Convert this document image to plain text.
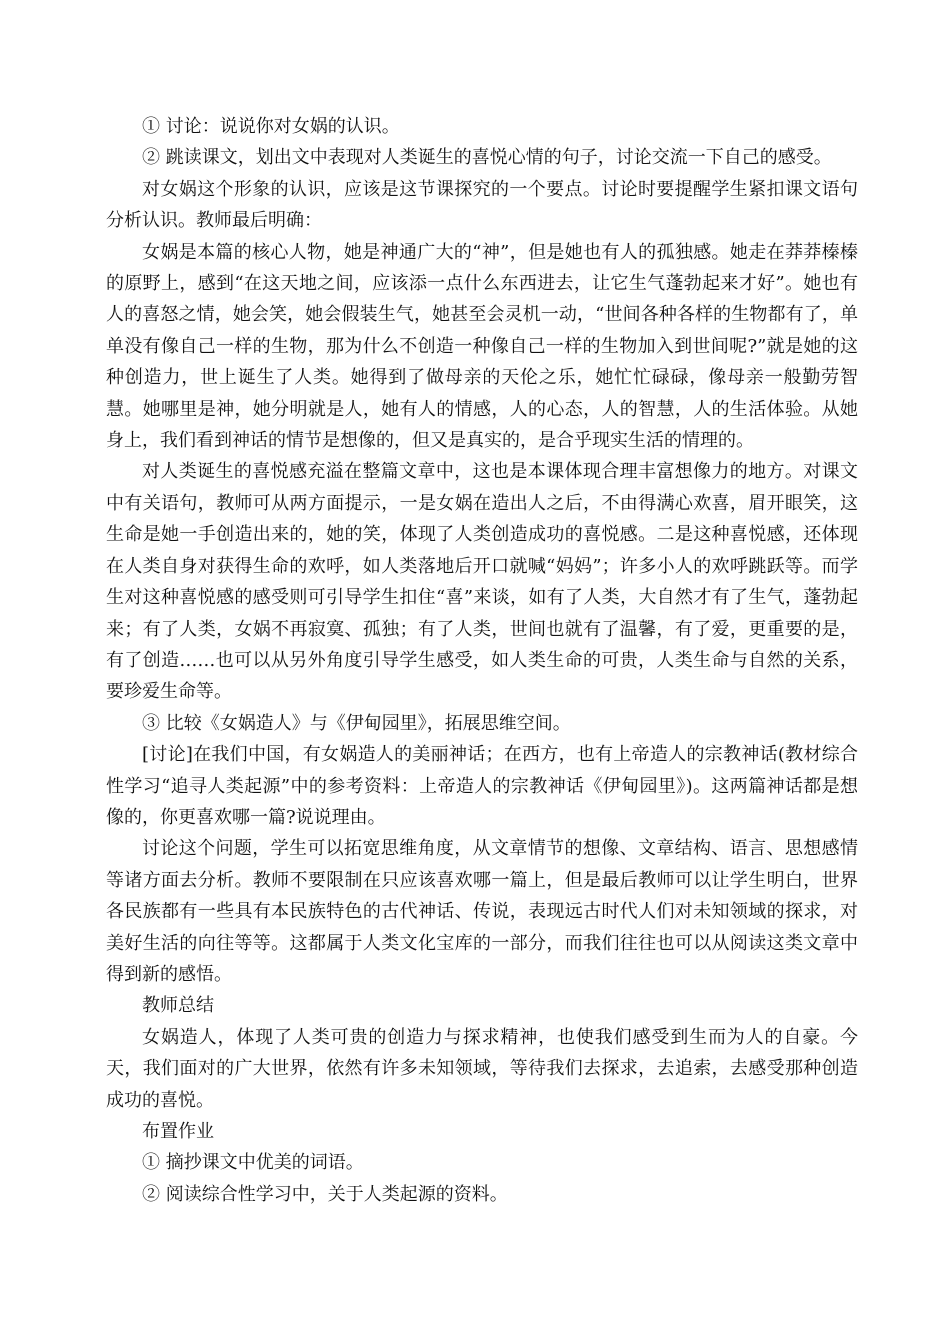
① 讨论：说说你对女娲的认识。

② 跳读课文，划出文中表现对人类诞生的喜悦心情的句子，讨论交流一下自己的感受。

对女娲这个形象的认识，应该是这节课探究的一个要点。讨论时要提醒学生紧扣课文语句分析认识。教师最后明确：

女娲是本篇的核心人物，她是神通广大的“神”，但是她也有人的孤独感。她走在莽莽榛榛的原野上，感到“在这天地之间，应该添一点什么东西进去，让它生气蓬勃起来才好”。她也有人的喜怒之情，她会笑，她会假装生气，她甚至会灵机一动，“世间各种各样的生物都有了，单单没有像自己一样的生物，那为什么不创造一种像自己一样的生物加入到世间呢?”就是她的这种创造力，世上诞生了人类。她得到了做母亲的天伦之乐，她忙忙碌碌，像母亲一般勤劳智慧。她哪里是神，她分明就是人，她有人的情感，人的心态，人的智慧，人的生活体验。从她身上，我们看到神话的情节是想像的，但又是真实的，是合乎现实生活的情理的。

对人类诞生的喜悦感充溢在整篇文章中，这也是本课体现合理丰富想像力的地方。对课文中有关语句，教师可从两方面提示，一是女娲在造出人之后，不由得满心欢喜，眉开眼笑，这生命是她一手创造出来的，她的笑，体现了人类创造成功的喜悦感。二是这种喜悦感，还体现在人类自身对获得生命的欢呼，如人类落地后开口就喊“妈妈”；许多小人的欢呼跳跃等。而学生对这种喜悦感的感受则可引导学生扣住“喜”来谈，如有了人类，大自然才有了生气，蓬勃起来；有了人类，女娲不再寂寞、孤独；有了人类，世间也就有了温馨，有了爱，更重要的是，有了创造……也可以从另外角度引导学生感受，如人类生命的可贵，人类生命与自然的关系，要珍爱生命等。

③ 比较《女娲造人》与《伊甸园里》，拓展思维空间。

[讨论]在我们中国，有女娲造人的美丽神话；在西方，也有上帝造人的宗教神话(教材综合性学习“追寻人类起源”中的参考资料：上帝造人的宗教神话《伊甸园里》)。这两篇神话都是想像的，你更喜欢哪一篇?说说理由。

讨论这个问题，学生可以拓宽思维角度，从文章情节的想像、文章结构、语言、思想感情等诸方面去分析。教师不要限制在只应该喜欢哪一篇上，但是最后教师可以让学生明白，世界各民族都有一些具有本民族特色的古代神话、传说，表现远古时代人们对未知领域的探求，对美好生活的向往等等。这都属于人类文化宝库的一部分，而我们往往也可以从阅读这类文章中得到新的感悟。

教师总结

女娲造人，体现了人类可贵的创造力与探求精神，也使我们感受到生而为人的自豪。今天，我们面对的广大世界，依然有许多未知领域，等待我们去探求，去追索，去感受那种创造成功的喜悦。

布置作业

① 摘抄课文中优美的词语。

② 阅读综合性学习中，关于人类起源的资料。
